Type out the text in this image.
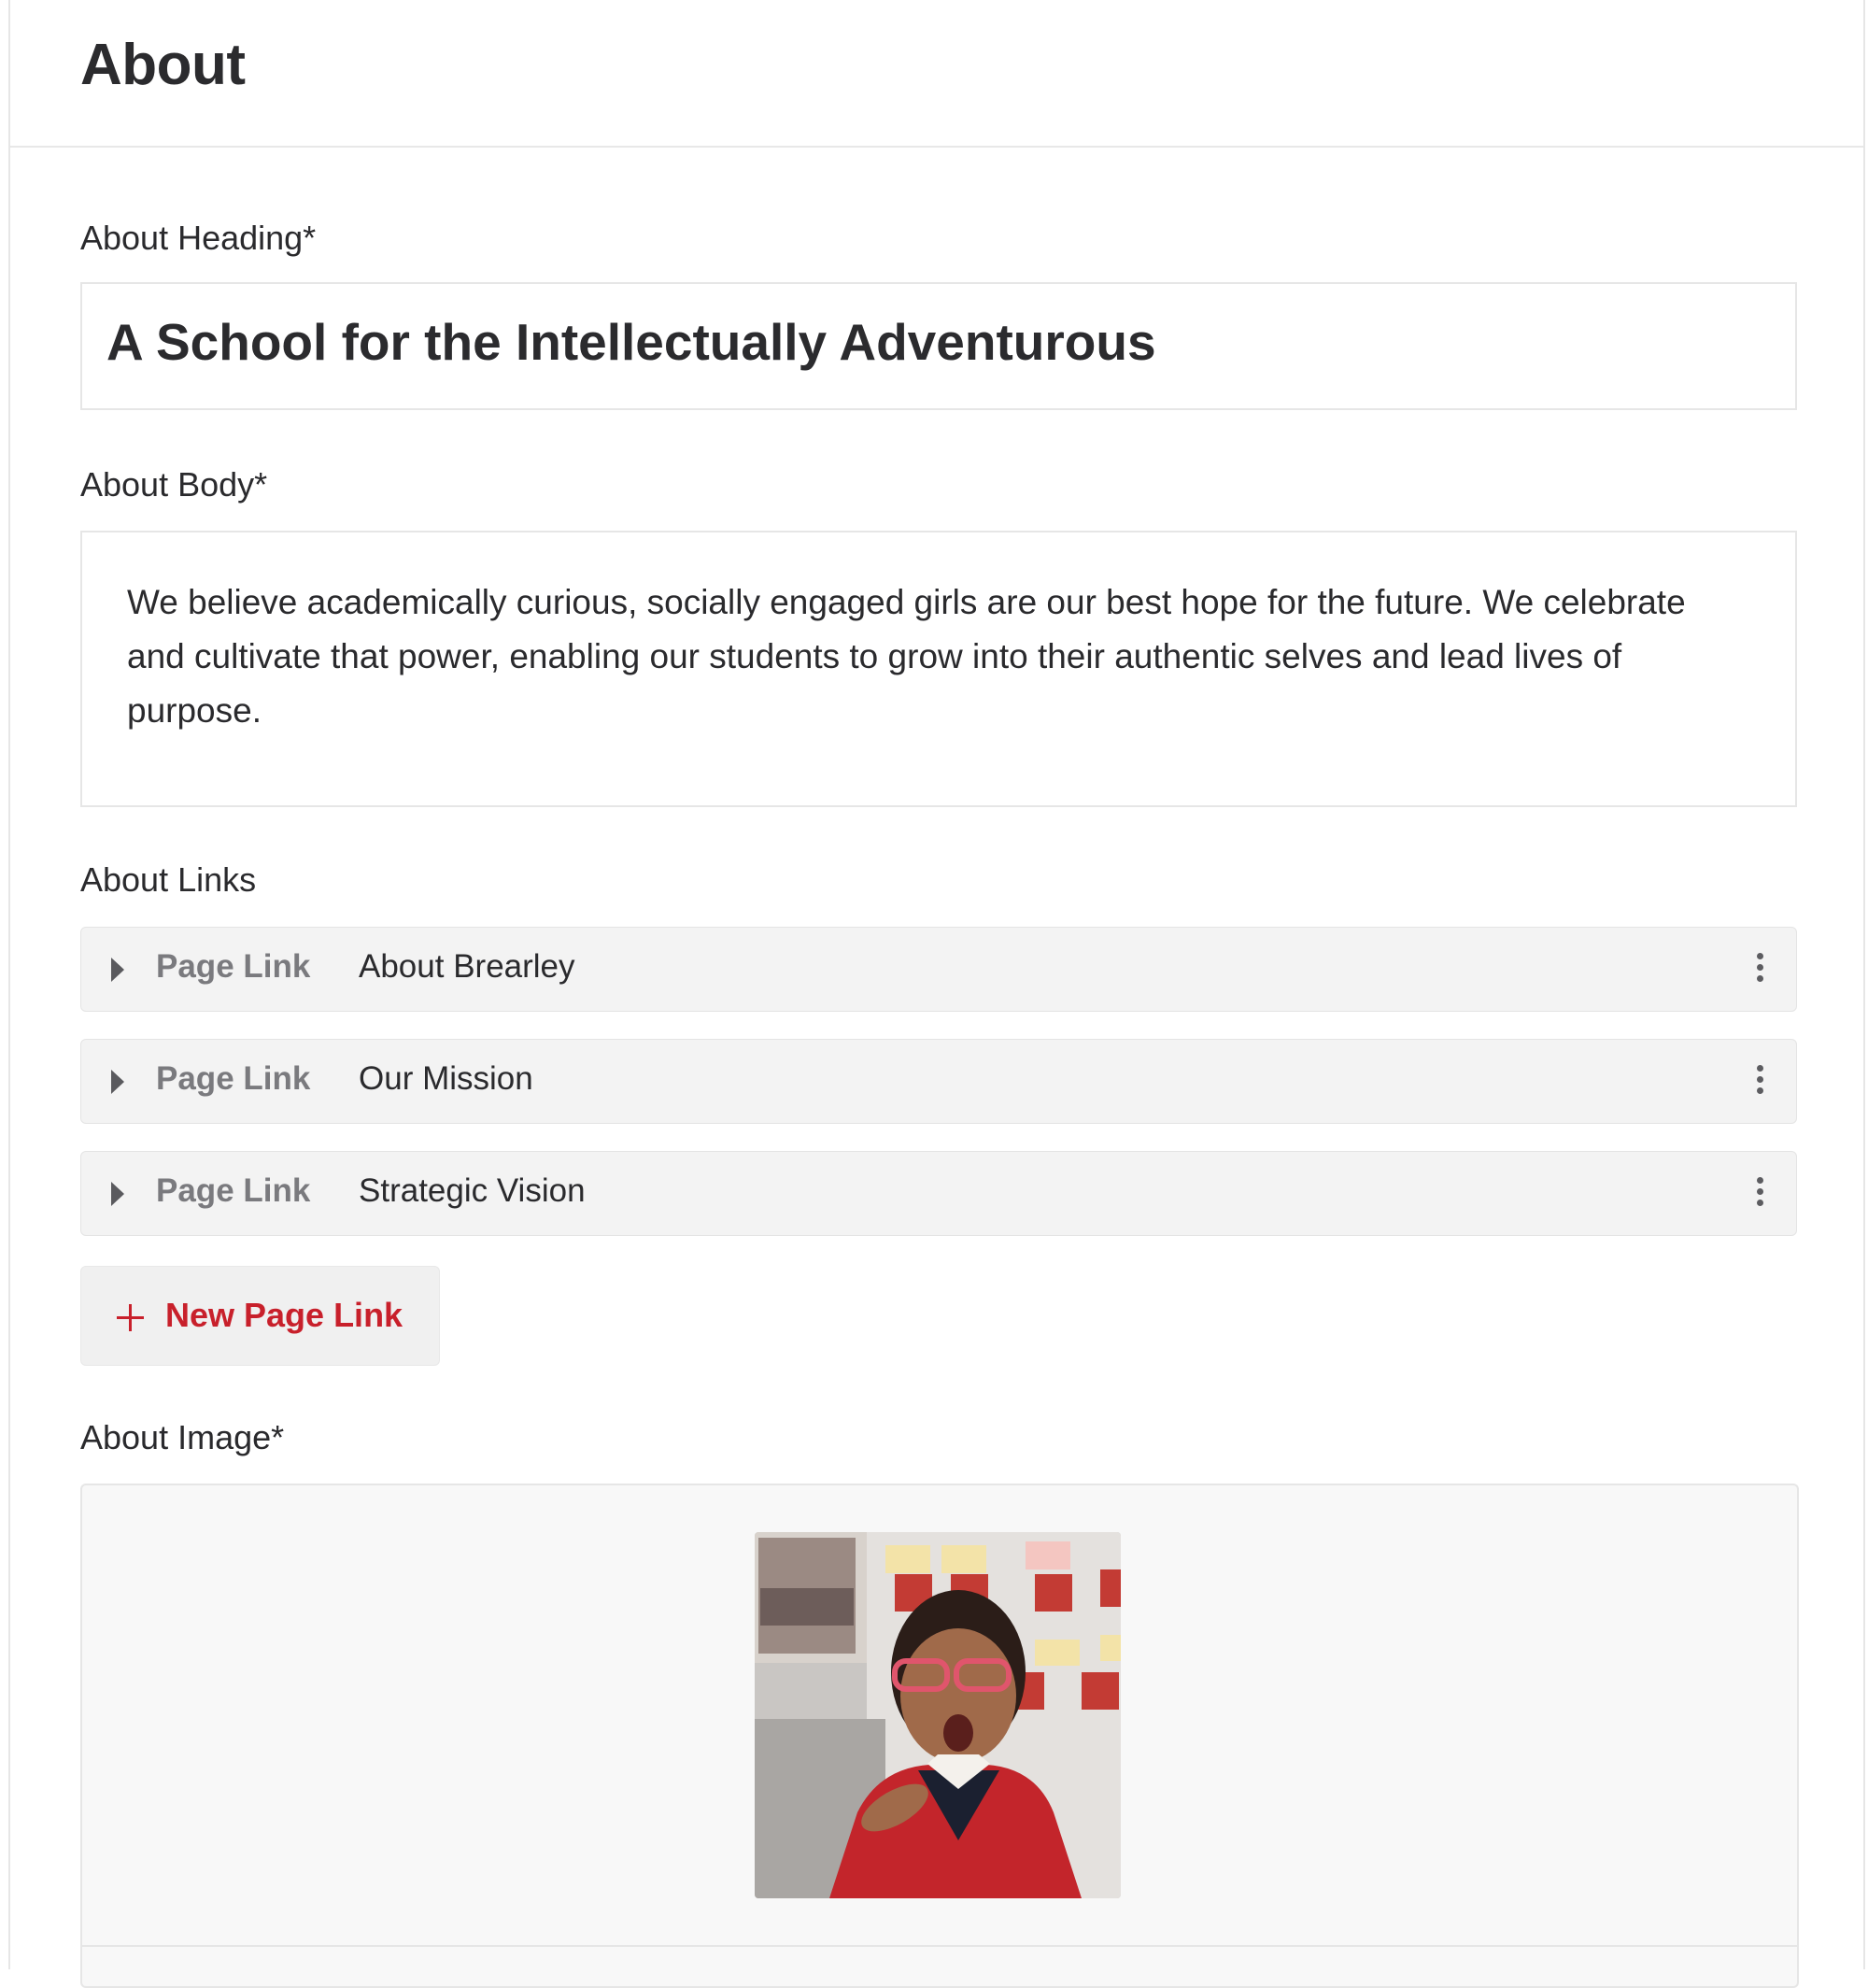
About
About Heading*
A School for the Intellectually Adventurous
About Body*
We believe academically curious, socially engaged girls are our best hope for the future. We celebrate and cultivate that power, enabling our students to grow into their authentic selves and lead lives of purpose.
About Links
Page Link About Brearley
Page Link Our Mission
Page Link Strategic Vision
New Page Link
About Image*
